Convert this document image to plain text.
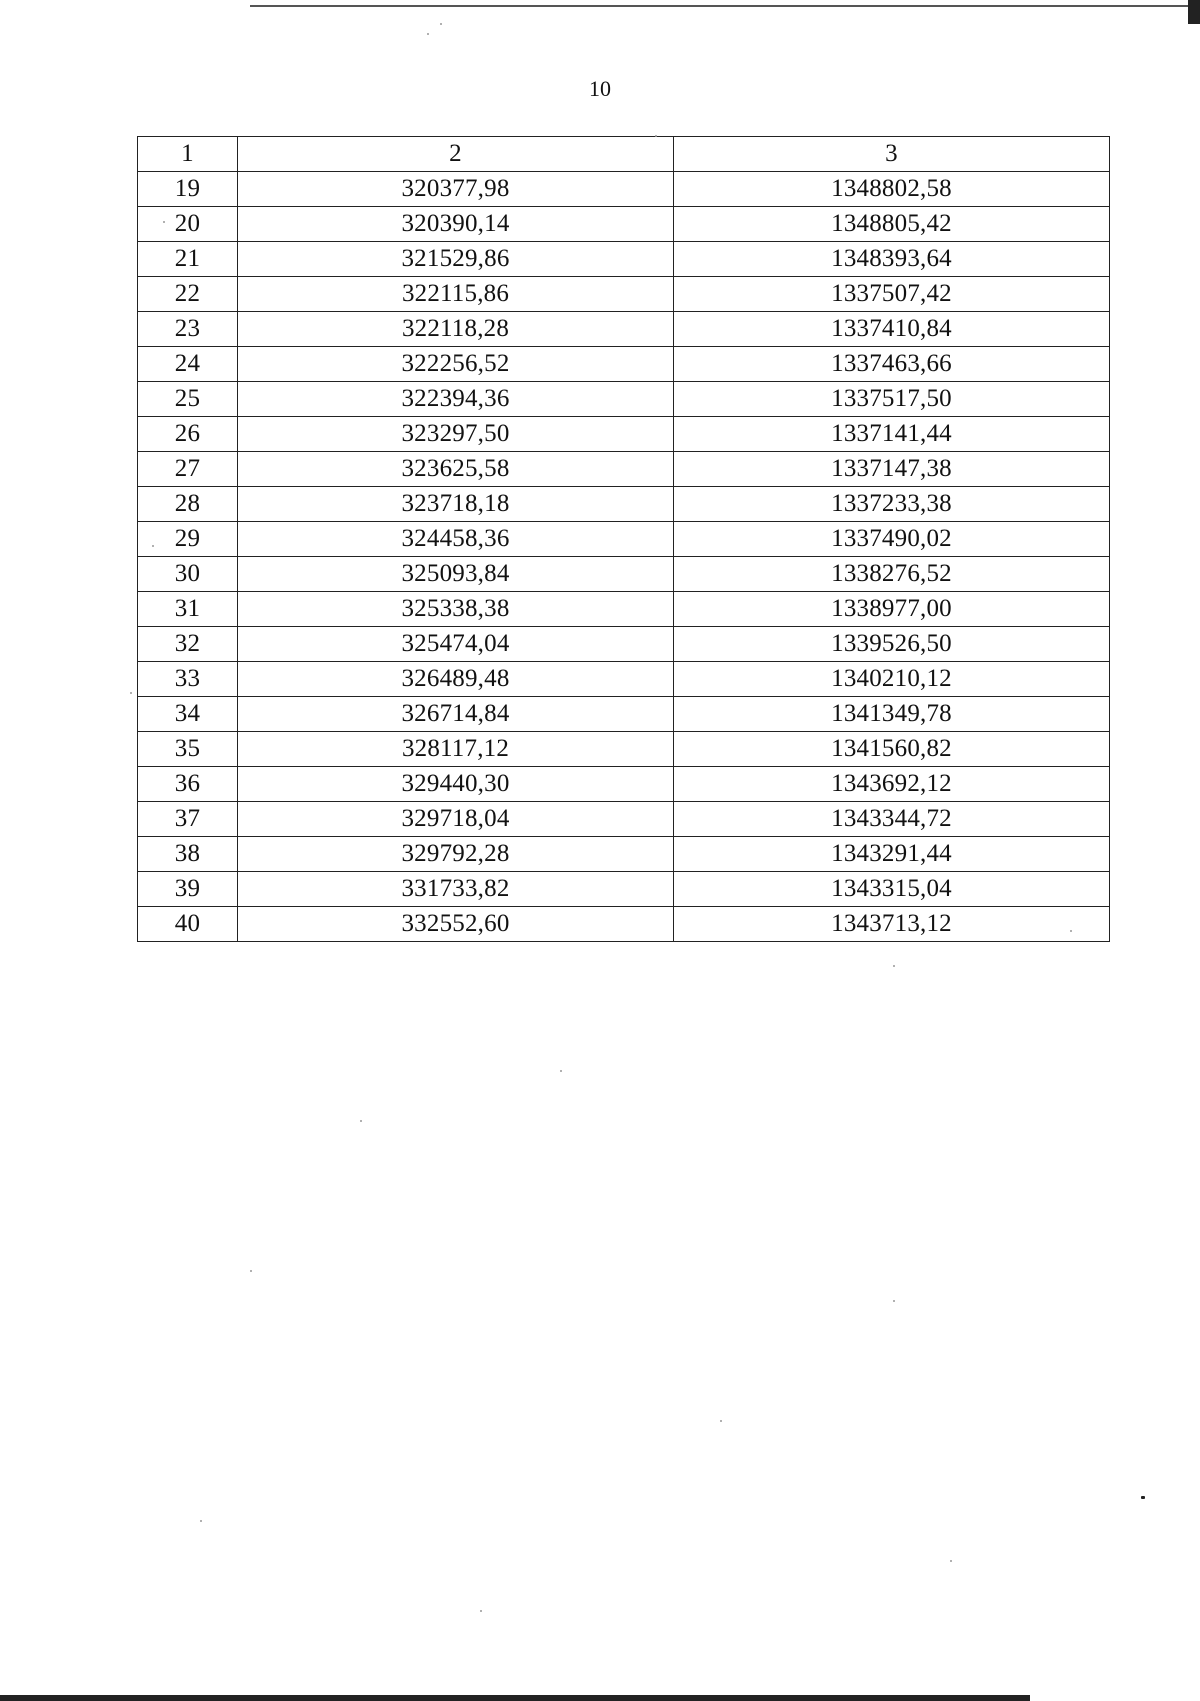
10
1	2	3
19	320377,98	1348802,58
20	320390,14	1348805,42
21	321529,86	1348393,64
22	322115,86	1337507,42
23	322118,28	1337410,84
24	322256,52	1337463,66
25	322394,36	1337517,50
26	323297,50	1337141,44
27	323625,58	1337147,38
28	323718,18	1337233,38
29	324458,36	1337490,02
30	325093,84	1338276,52
31	325338,38	1338977,00
32	325474,04	1339526,50
33	326489,48	1340210,12
34	326714,84	1341349,78
35	328117,12	1341560,82
36	329440,30	1343692,12
37	329718,04	1343344,72
38	329792,28	1343291,44
39	331733,82	1343315,04
40	332552,60	1343713,12
